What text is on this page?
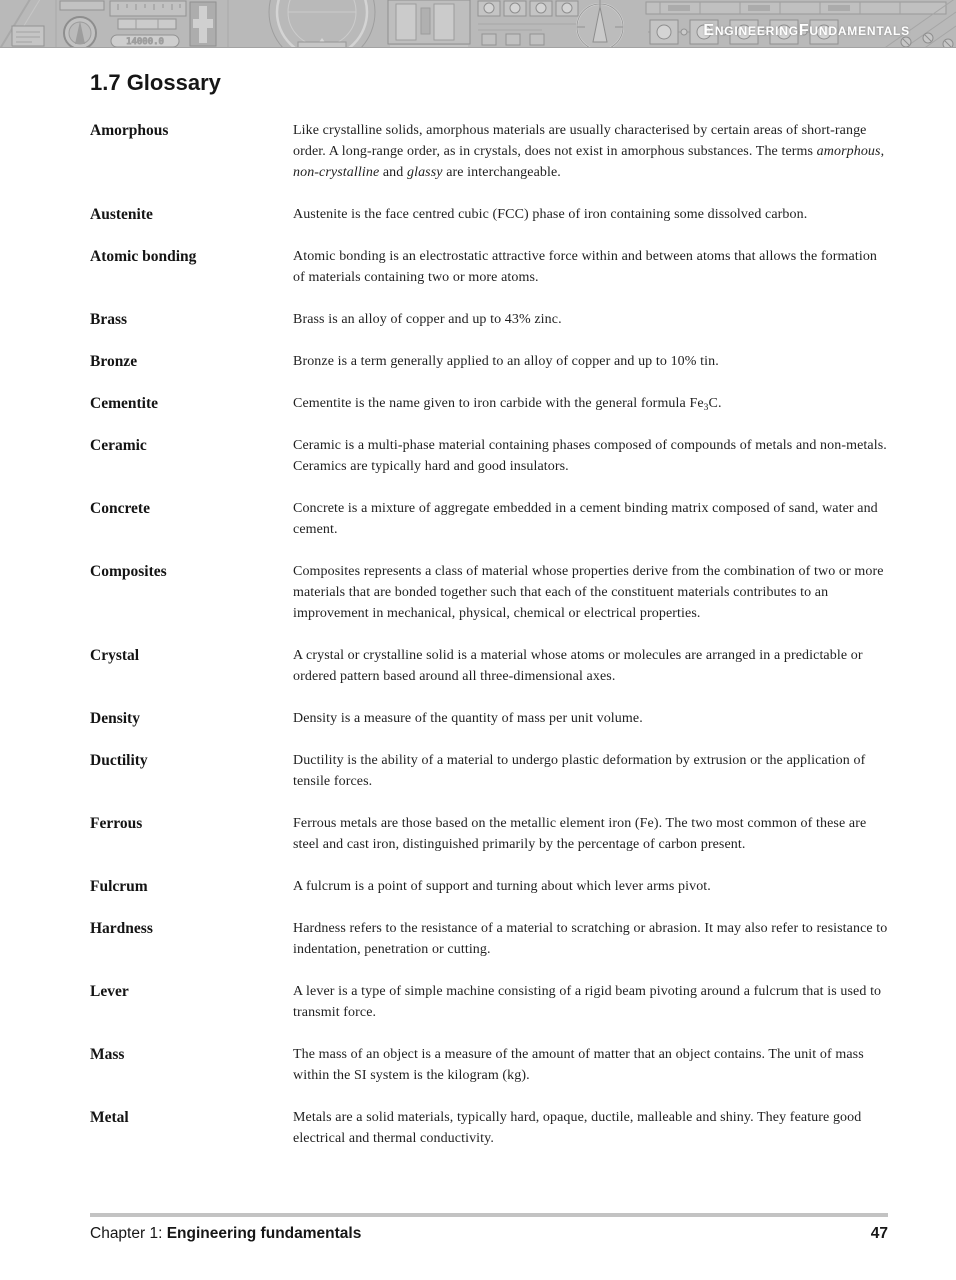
14000.0
E NGINEERING F UNDAMENTALS
1.7 Glossary
Amorphous	Like crystalline solids, amorphous materials are usually characterised by certain areas of short-range order. A long-range order, as in crystals, does not exist in amorphous substances. The terms amorphous, non-crystalline and glassy are interchangeable.
Austenite	Austenite is the face centred cubic (FCC) phase of iron containing some dissolved carbon.
Atomic bonding	Atomic bonding is an electrostatic attractive force within and between atoms that allows the formation of materials containing two or more atoms.
Brass	Brass is an alloy of copper and up to 43% zinc.
Bronze	Bronze is a term generally applied to an alloy of copper and up to 10% tin.
Cementite	Cementite is the name given to iron carbide with the general formula $Fe_3C$.
Ceramic	Ceramic is a multi-phase material containing phases composed of compounds of metals and non-metals. Ceramics are typically hard and good insulators.
Concrete	Concrete is a mixture of aggregate embedded in a cement binding matrix composed of sand, water and cement.
Composites	Composites represents a class of material whose properties derive from the combination of two or more materials that are bonded together such that each of the constituent materials contributes to an improvement in mechanical, physical, chemical or electrical properties.
Crystal	A crystal or crystalline solid is a material whose atoms or molecules are arranged in a predictable or ordered pattern based around all three-dimensional axes.
Density	Density is a measure of the quantity of mass per unit volume.
Ductility	Ductility is the ability of a material to undergo plastic deformation by extrusion or the application of tensile forces.
Ferrous	Ferrous metals are those based on the metallic element iron (Fe). The two most common of these are steel and cast iron, distinguished primarily by the percentage of carbon present.
Fulcrum	A fulcrum is a point of support and turning about which lever arms pivot.
Hardness	Hardness refers to the resistance of a material to scratching or abrasion. It may also refer to resistance to indentation, penetration or cutting.
Lever	A lever is a type of simple machine consisting of a rigid beam pivoting around a fulcrum that is used to transmit force.
Mass	The mass of an object is a measure of the amount of matter that an object contains. The unit of mass within the SI system is the kilogram (kg).
Metal	Metals are a solid materials, typically hard, opaque, ductile, malleable and shiny. They feature good electrical and thermal conductivity.
Chapter 1: Engineering fundamentals	47
